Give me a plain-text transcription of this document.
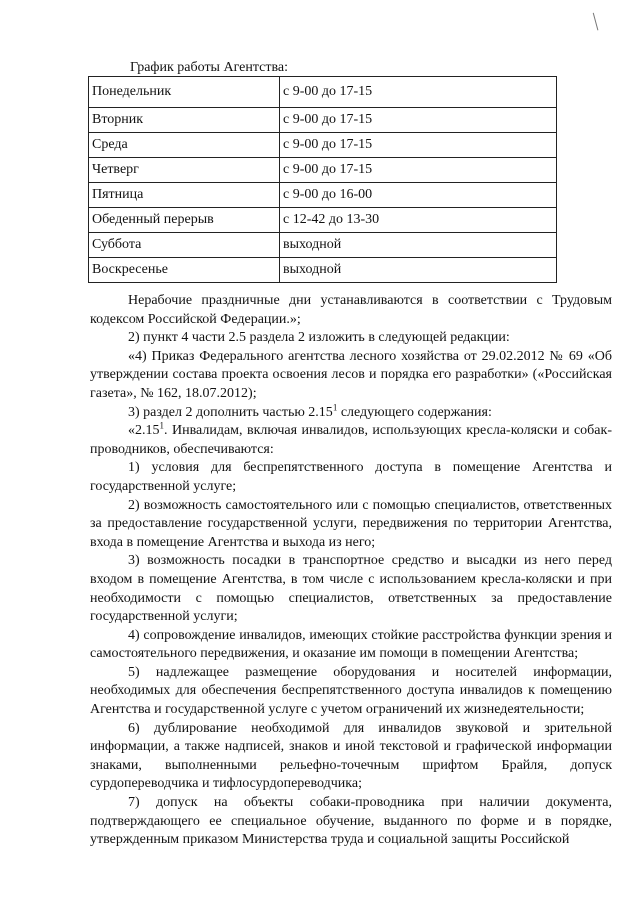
График работы Агентства:

Понедельник	с 9-00 до 17-15
Вторник	с 9-00 до 17-15
Среда	с 9-00 до 17-15
Четверг	с 9-00 до 17-15
Пятница	с 9-00 до 16-00
Обеденный перерыв	с 12-42 до 13-30
Суббота	выходной
Воскресенье	выходной

Нерабочие праздничные дни устанавливаются в соответствии с Трудовым кодексом Российской Федерации.»;

2) пункт 4 части 2.5 раздела 2 изложить в следующей редакции:

«4) Приказ Федерального агентства лесного хозяйства от 29.02.2012 № 69 «Об утверждении состава проекта освоения лесов и порядка его разработки» («Российская газета», № 162, 18.07.2012);

3) раздел 2 дополнить частью 2.15$^1$ следующего содержания:

«2.15$^1$. Инвалидам, включая инвалидов, использующих кресла-коляски и собак-проводников, обеспечиваются:

1) условия для беспрепятственного доступа в помещение Агентства и государственной услуге;

2) возможность самостоятельного или с помощью специалистов, ответственных за предоставление государственной услуги, передвижения по территории Агентства, входа в помещение Агентства и выхода из него;

3) возможность посадки в транспортное средство и высадки из него перед входом в помещение Агентства, в том числе с использованием кресла-коляски и при необходимости с помощью специалистов, ответственных за предоставление государственной услуги;

4) сопровождение инвалидов, имеющих стойкие расстройства функции зрения и самостоятельного передвижения, и оказание им помощи в помещении Агентства;

5) надлежащее размещение оборудования и носителей информации, необходимых для обеспечения беспрепятственного доступа инвалидов к помещению Агентства и государственной услуге с учетом ограничений их жизнедеятельности;

6) дублирование необходимой для инвалидов звуковой и зрительной информации, а также надписей, знаков и иной текстовой и графической информации знаками, выполненными рельефно-точечным шрифтом Брайля, допуск сурдопереводчика и тифлосурдопереводчика;

7) допуск на объекты собаки-проводника при наличии документа, подтверждающего ее специальное обучение, выданного по форме и в порядке, утвержденным приказом Министерства труда и социальной защиты Российской
